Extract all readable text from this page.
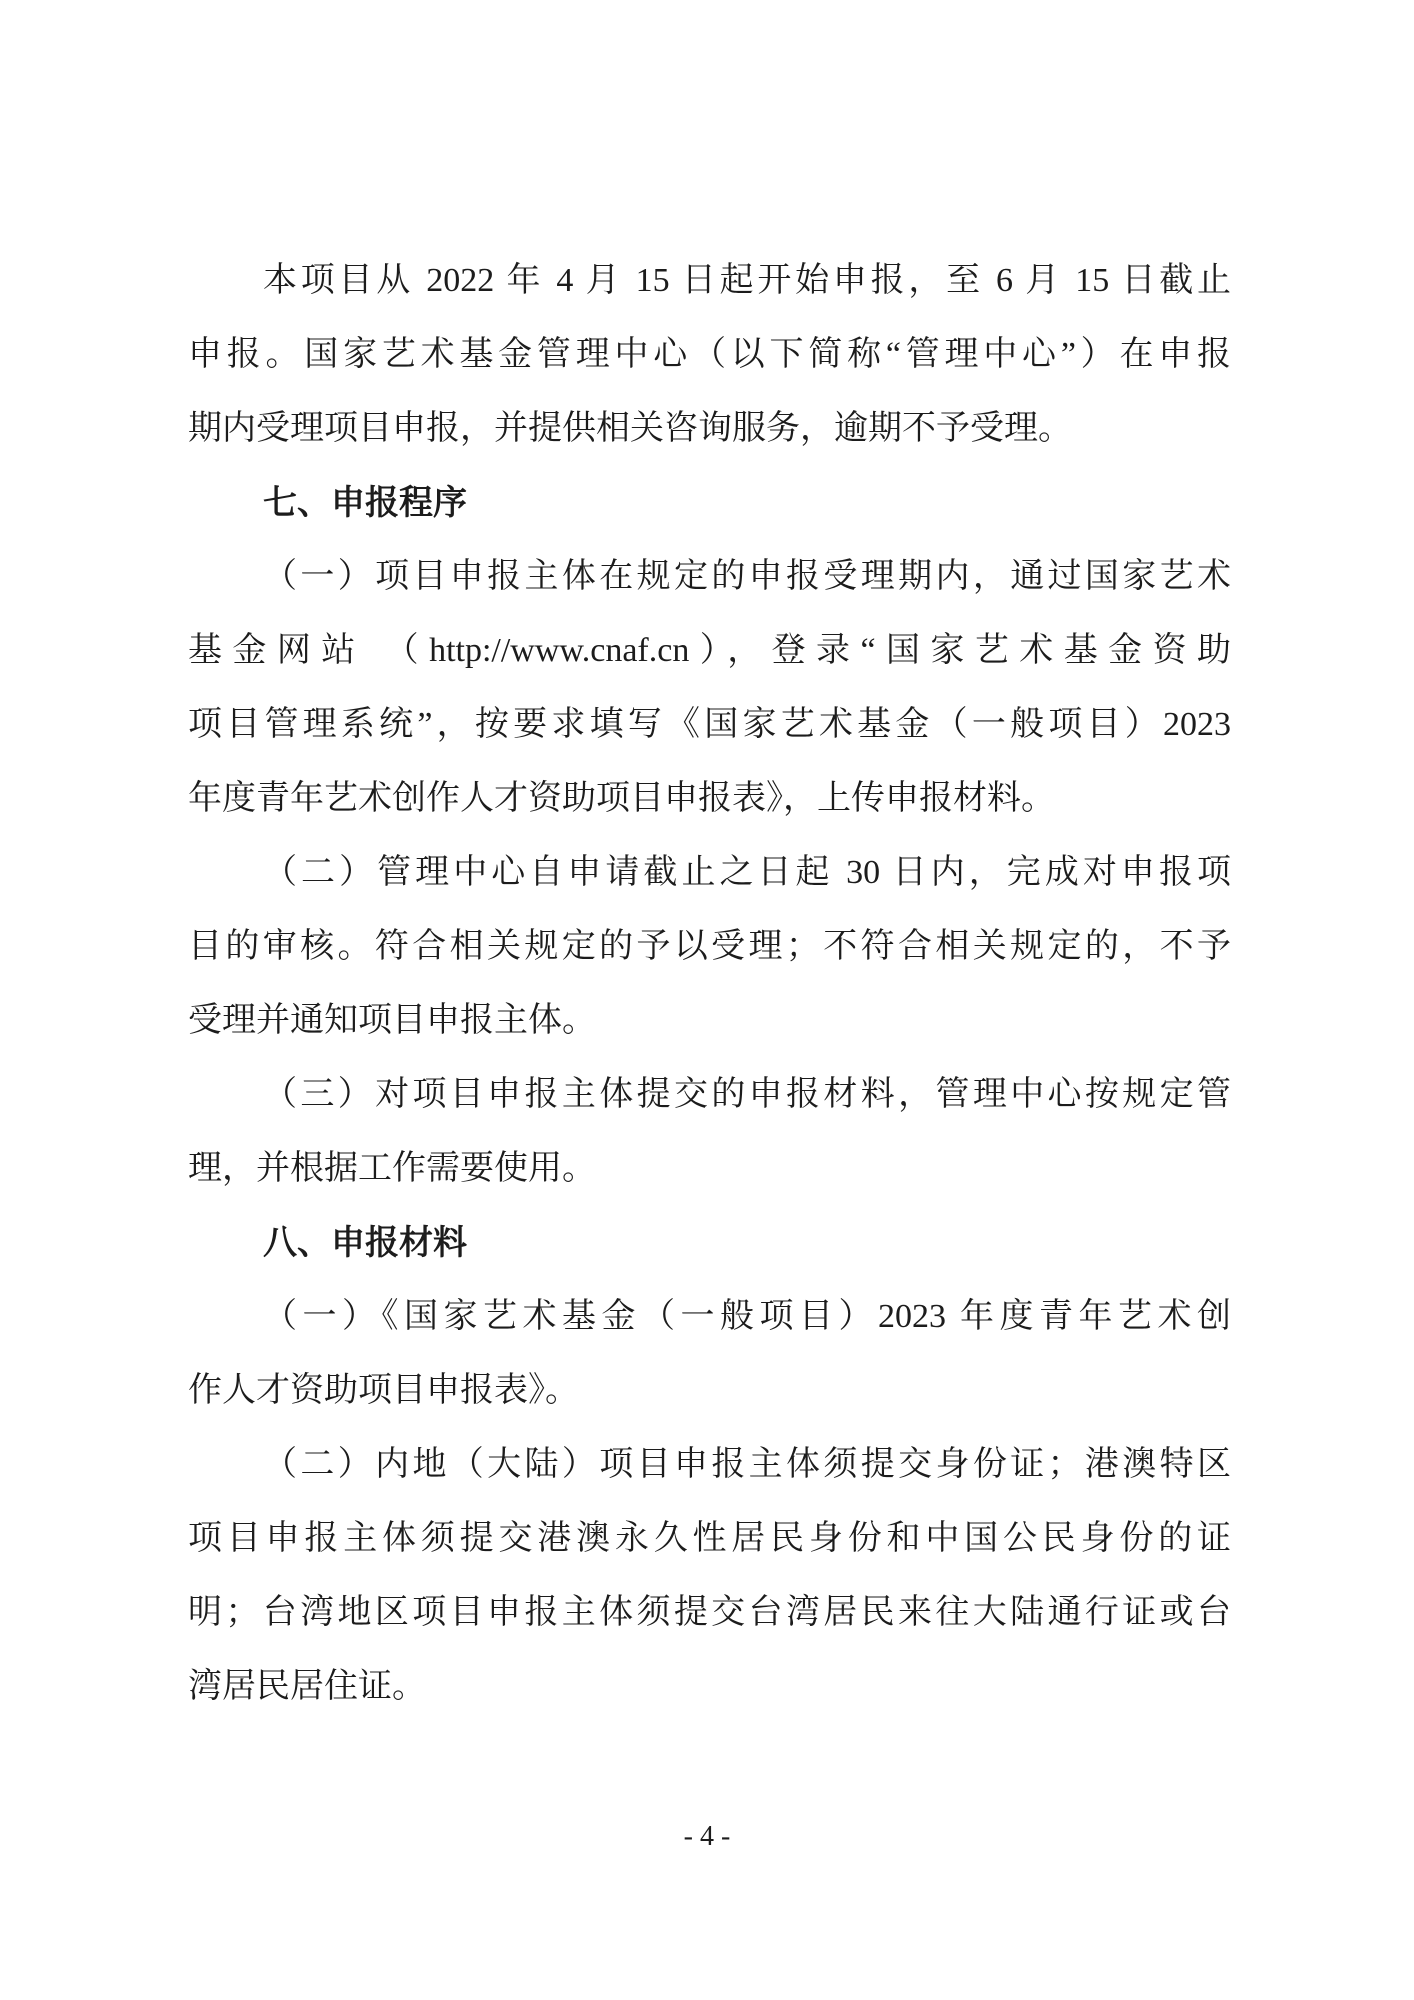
本项目从 2022 年 4 月 15 日起开始申报，至 6 月 15 日截止
申报。国家艺术基金管理中心（以下简称“管理中心”）在申报
期内受理项目申报，并提供相关咨询服务，逾期不予受理。
七、申报程序
（一）项目申报主体在规定的申报受理期内，通过国家艺术
基金网站 （http://www.cnaf.cn），登录“国家艺术基金资助
项目管理系统”，按要求填写《国家艺术基金（一般项目）2023
年度青年艺术创作人才资助项目申报表》，上传申报材料。
（二）管理中心自申请截止之日起 30 日内，完成对申报项
目的审核。符合相关规定的予以受理；不符合相关规定的，不予
受理并通知项目申报主体。
（三）对项目申报主体提交的申报材料，管理中心按规定管
理，并根据工作需要使用。
八、申报材料
（一）《国家艺术基金（一般项目）2023 年度青年艺术创
作人才资助项目申报表》。
（二）内地（大陆）项目申报主体须提交身份证；港澳特区
项目申报主体须提交港澳永久性居民身份和中国公民身份的证
明；台湾地区项目申报主体须提交台湾居民来往大陆通行证或台
湾居民居住证。
- 4 -
